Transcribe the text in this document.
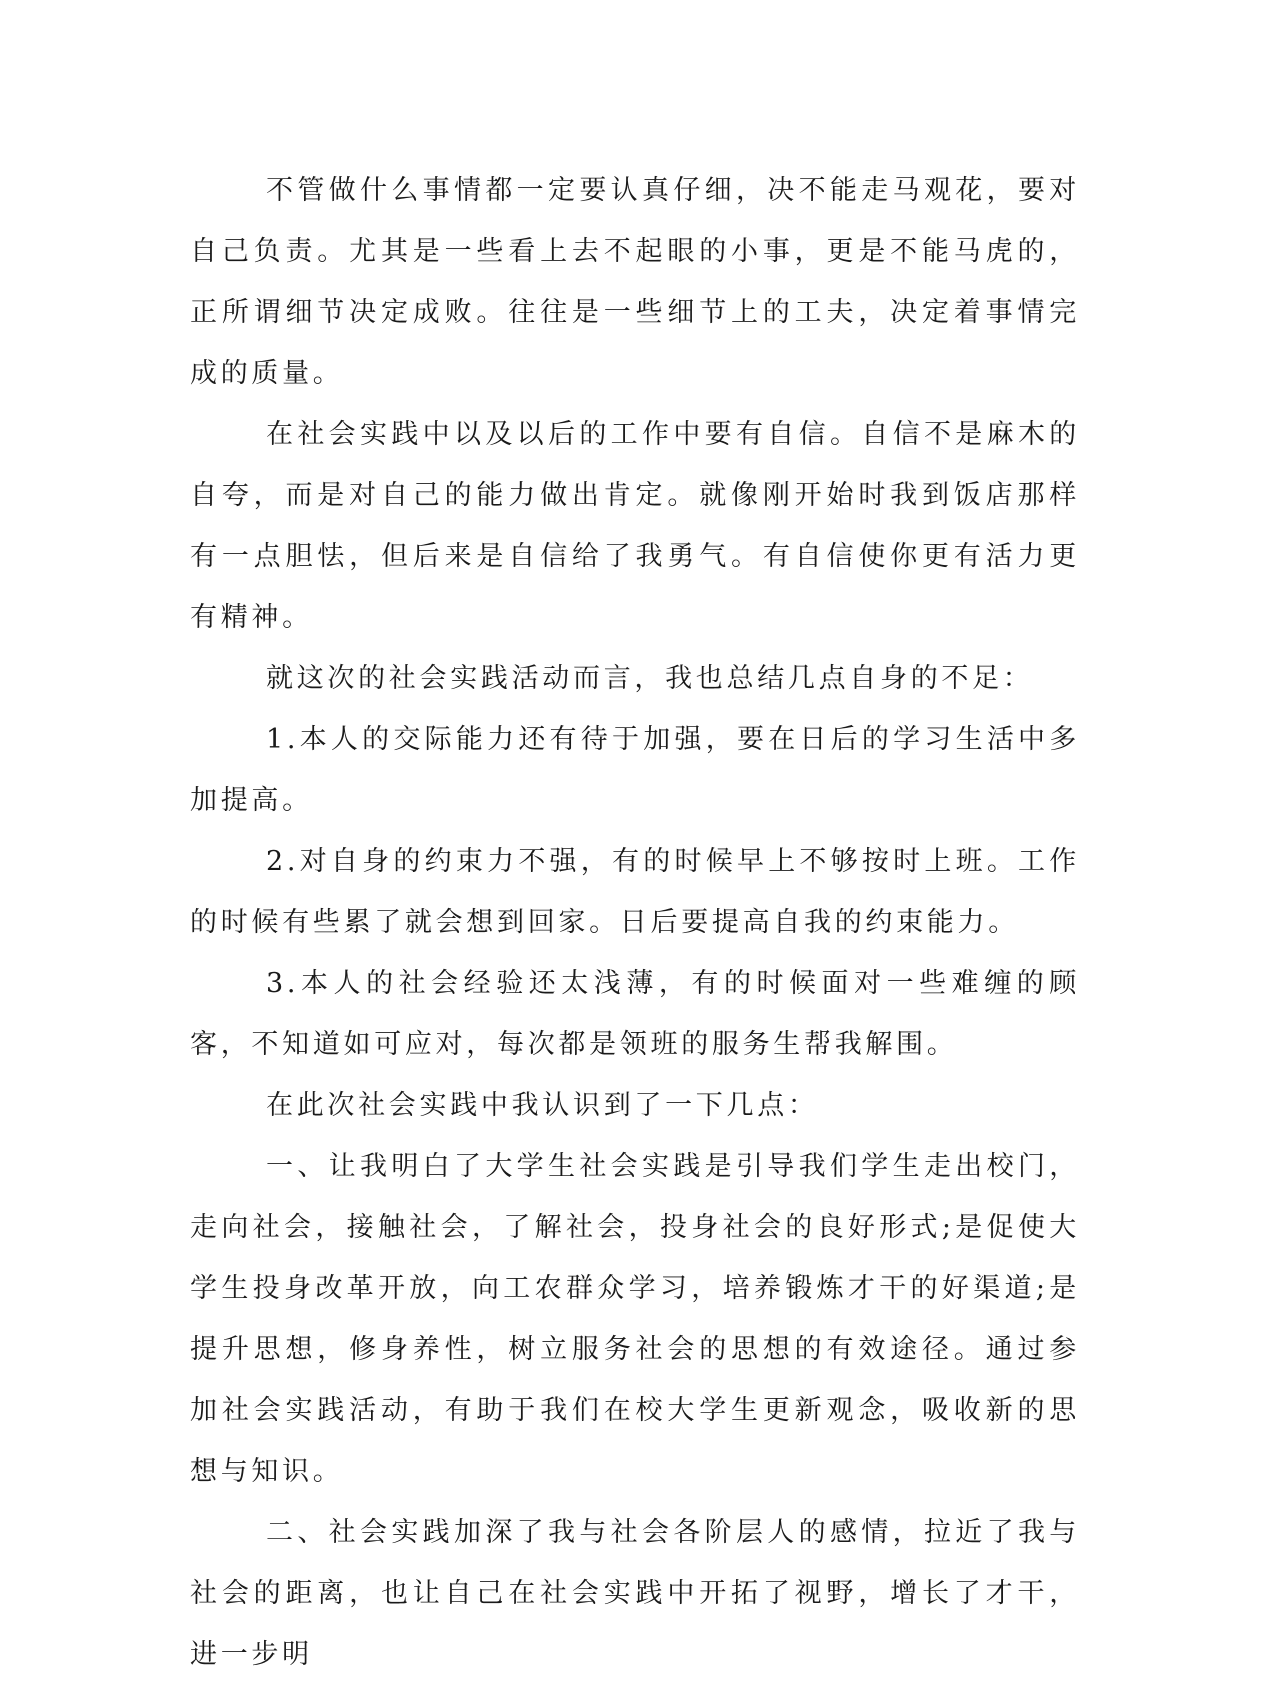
不管做什么事情都一定要认真仔细，决不能走马观花，要对自己负责。尤其是一些看上去不起眼的小事，更是不能马虎的，正所谓细节决定成败。往往是一些细节上的工夫，决定着事情完成的质量。

在社会实践中以及以后的工作中要有自信。自信不是麻木的自夸，而是对自己的能力做出肯定。就像刚开始时我到饭店那样有一点胆怯，但后来是自信给了我勇气。有自信使你更有活力更有精神。

就这次的社会实践活动而言，我也总结几点自身的不足：

1.本人的交际能力还有待于加强，要在日后的学习生活中多加提高。

2.对自身的约束力不强，有的时候早上不够按时上班。工作的时候有些累了就会想到回家。日后要提高自我的约束能力。

3.本人的社会经验还太浅薄，有的时候面对一些难缠的顾客，不知道如可应对，每次都是领班的服务生帮我解围。

在此次社会实践中我认识到了一下几点：

一、让我明白了大学生社会实践是引导我们学生走出校门，走向社会，接触社会，了解社会，投身社会的良好形式;是促使大学生投身改革开放，向工农群众学习，培养锻炼才干的好渠道;是提升思想，修身养性，树立服务社会的思想的有效途径。通过参加社会实践活动，有助于我们在校大学生更新观念，吸收新的思想与知识。

二、社会实践加深了我与社会各阶层人的感情，拉近了我与社会的距离，也让自己在社会实践中开拓了视野，增长了才干，进一步明
